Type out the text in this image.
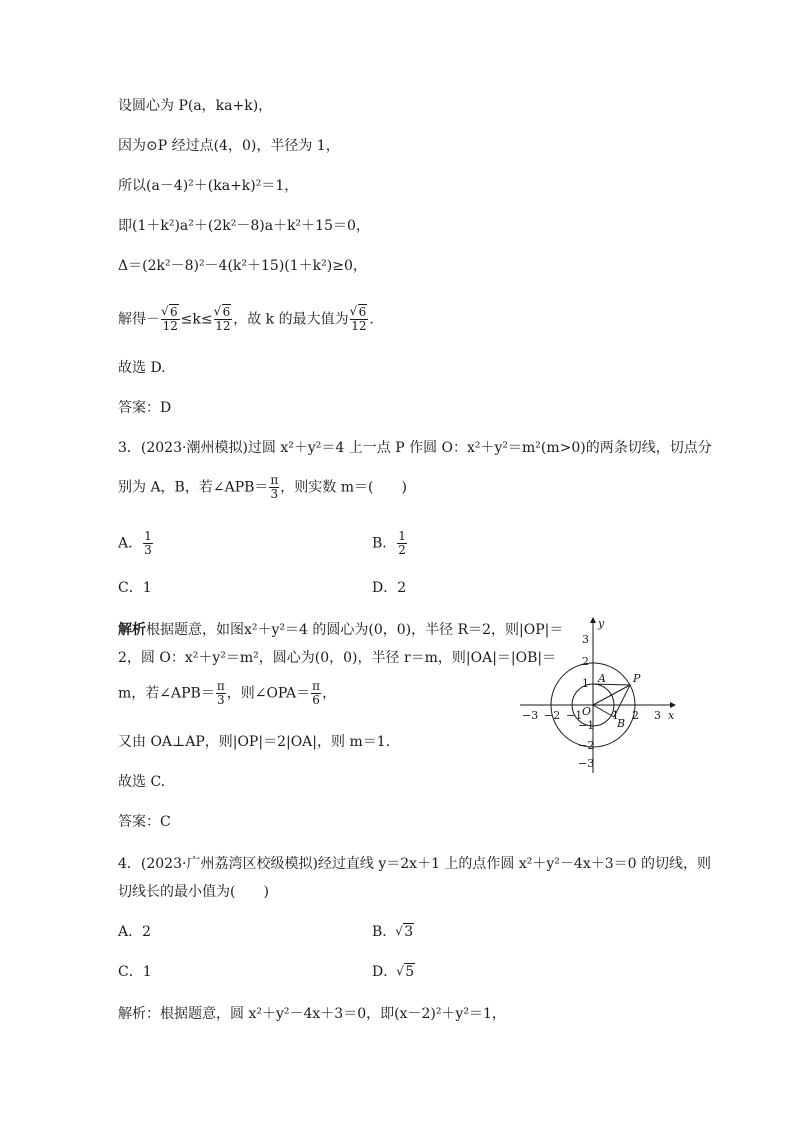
设圆心为 P(a，ka+k)，
因为⊙P 经过点(4，0)，半径为 1，
所以(a－4)²＋(ka+k)²＝1，
即(1＋k²)a²＋(2k²－8)a＋k²＋15＝0，
Δ＝(2k²－8)²－4(k²＋15)(1＋k²)≥0，
解得－ √ $\frac{6}{12} \le k\le$ √ $\frac{6}{12}$ ，故 k 的最大值为 √ $\frac{6}{12}$ .
故选 D.
答案：D
3．(2023·潮州模拟)过圆 x²＋y²＝4 上一点 P 作圆 O：x²＋y²＝m²(m>0)的两条切线，切点分
别为 A，B，若∠APB＝ $\frac{\pi}{3}$ ，则实数 m＝(　　)
A． $\frac{1}{3}$	B． $\frac{1}{2}$
C．1	D．2
解析根据题意，如图x²＋y²＝4 的圆心为(0，0)，半径 R＝2，则|OP|＝
2，圆 O：x²＋y²＝m²，圆心为(0，0)，半径 r＝m，则|OA|＝|OB|＝
m，若∠APB＝ $\frac{\pi}{3}$ ，则∠OPA＝ $\frac{\pi}{6}$ ，
又由 OA⊥AP，则|OP|＝2|OA|，则 m＝1.
故选 C.
答案：C
4．(2023·广州荔湾区校级模拟)经过直线 y＝2x＋1 上的点作圆 x²＋y²－4x＋3＝0 的切线，则
切线长的最小值为(　　)
A．2	B． √ 3
C．1	D． √ 5
解析：根据题意，圆 x²＋y²－4x＋3＝0，即(x－2)²＋y²＝1，
x
y
O
A
B
P
−3 −2 −1	1 2 3
3
2
1
−1
−2
−3
